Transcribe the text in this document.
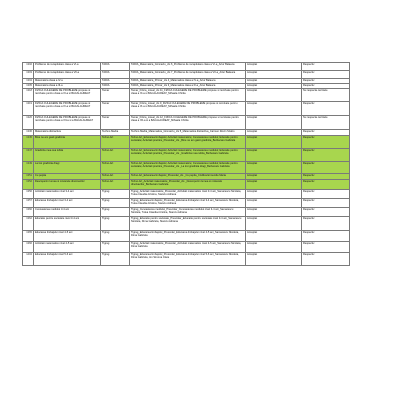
1302	Probleme de recapitulare clasa a VI-a	TADIA	TADIA_Matematica_Gimnaziu_cls 6_Probleme de recapitulare clasa a VI-a_Artur Balauca	Acceptat	Respectiv
1303	Probleme de recapitulare clasa a VII-a	TADIA	TADIA_Matematica_Gimnaziu_cls 7_Probleme de recapitulare clasa a VII-a_Artur Balauca	Acceptat	Respectiv
1304	Matematica clasa a IV-a	TADIA	TADIA_Matematica_Primar_cls 4_Matematica clasa a IV-a_Artur Balauca	Acceptat	Respectiv
1305	Matematica clasa a III-a	TADIA	TADIA_Matematica_Primar_cls 3_Matematica clasa a III-a_Artur Balauca	Acceptat	Respectiv
1318	FIZICA CULEGERE DE PROBLEME propuse si rezolvate pentru clasa a XI-a si BACALAUREAT	Tamar	Tamar_Fizica_Liceal_cls 11_FIZICA CULEGERE DE PROBLEME propuse si rezolvate pentru clasa a XI-a si BACALAUREAT_Mihaela Chirita	Acceptat	Nu respecta cerintele
1319	FIZICA CULEGERE DE PROBLEME propuse si rezolvate pentru clasa a IX-a si BACALAUREAT	Tamar	Tamar_Fizica_Liceal_cls 9_FIZICA CULEGERE DE PROBLEME propuse si rezolvate pentru clasa a IX-a si BACALAUREAT_Mihaela Chirita	Acceptat	Respectiv
1320	FIZICA CULEGERE DE PROBLEME propuse si rezolvate pentru clasa a XII-a si a BACALAUREAT	Tamar	Tamar_Fizica_Liceal_cls 12_FIZICA CULEGERE DE PROBLEME propuse si rezolvate pentru clasa a XII-a si a BACALAUREAT_Mihaela Chirita	Acceptat	Nu respecta cerintele
1336	Matematica distractiva	Techno Media	Techno Media_Matematica_Gimnaziu_cls 5_Matematica distractiva_Carmen Roxin Szabo	Acceptat	Respectiv
1345	Bine ne am gasit gradinita	Tehno-Art	Tehno-Art_Educarea limbajului; Activitati matematice; Cunoasterea mediului; Educatie pentru societate; Activitati practice_Prescolar_cls _Bine ne am gasit gradinita_Berbecaru Gabriela	Acceptat	Respectiv
1347	Gradinita mea cea iubita	Tehno-Art	Tehno-Art_Educarea limbajului; Activitati matematice; Cunoasterea mediului; Educatie pentru societate; Activitati practice_Prescolar_cls _Gradinita mea iubita_Berbecaru Gabriela	Acceptat	Respectiv
1349	La trei gradinita dragi	Tehno-Art	Tehno-Art_Educarea limbajului; Activitati matematice; Cunoasterea mediului; Educatie pentru societate; Activitati practice_Prescolar_cls _La trei gradinita dragi_Berbecaru Gabriela	Acceptat	Respectiv
1351	Cu pepita	Tehno-Art	Tehno-Art_Educarea limbajului_Prescolar_cls _Cu pepita_Civillica Ermenide Maria	Acceptat	Respectiv
1352	Descoperim lumea si misterele dinozaurilor	Tehno-Art	Tehno-Art_Activitati matematice_Prescolar_cls _Descoperim lumea si misterele dinozaurilor_Berbecaru Gabriela	Acceptat	Respectiv
1356	Activitati matematice nivel 3-4 ani	Tigrag	Tigrag_Activitati matematice_Prescolar_Activitati matematice nivel 3-4 ani_Samarescu Nicoleta, Tulea Claudia-Cristina, Stanciu Adriana	Acceptat	Respectiv
1357	Educarea limbajului nivel 3-4 ani	Tigrag	Tigrag_Educarea limbajului_Prescolar_Educarea limbajului nivel 3-4 ani_Samarescu Nicoleta, Tulea Claudia-Cristina, Stanciu Adriana	Acceptat	Respectiv
1360	Cunoasterea mediului 3-4 ani	Tigrag	Tigrag_Cunoasterea mediului_Prescolar_Cunoasterea mediului nivel 3-4 ani_Samarescu Nicoleta, Tulea Claudia-Cristina, Stanciu Adriana	Acceptat	Respectiv
1362	Educatie pentru societate nivel 3-4 ani	Tigrag	Tigrag_Educatie pentru societate_Prescolar_Educatie pentru societate nivel 3-4 ani_Samarescu Nicoleta, Dima Gabriela, Stanciu Adriana	Acceptat	Respectiv
1365	Educarea limbajului nivel 4-5 ani	Tigrag	Tigrag_Educarea limbajului_Prescolar_Educarea limbajului nivel 4-5 ani_Samarescu Nicoleta, Dima Gabriela	Acceptat	Respectiv
1366	Activitati matematice nivel 4-5 ani	Tigrag	Tigrag_Activitati matematice_Prescolar_Activitati matematice nivel 4-5 ani_Samarescu Nicoleta, Dima Gabriela	Acceptat	Respectiv
1404	Educarea limbajului nivel 5-6 ani	Tigrag	Tigrag_Educarea limbajului_Prescolar_Educarea limbajului nivel 5-6 ani_Samarescu Nicoleta, Dima Gabriela, Ion Simona Clara	Acceptat	Respectiv
